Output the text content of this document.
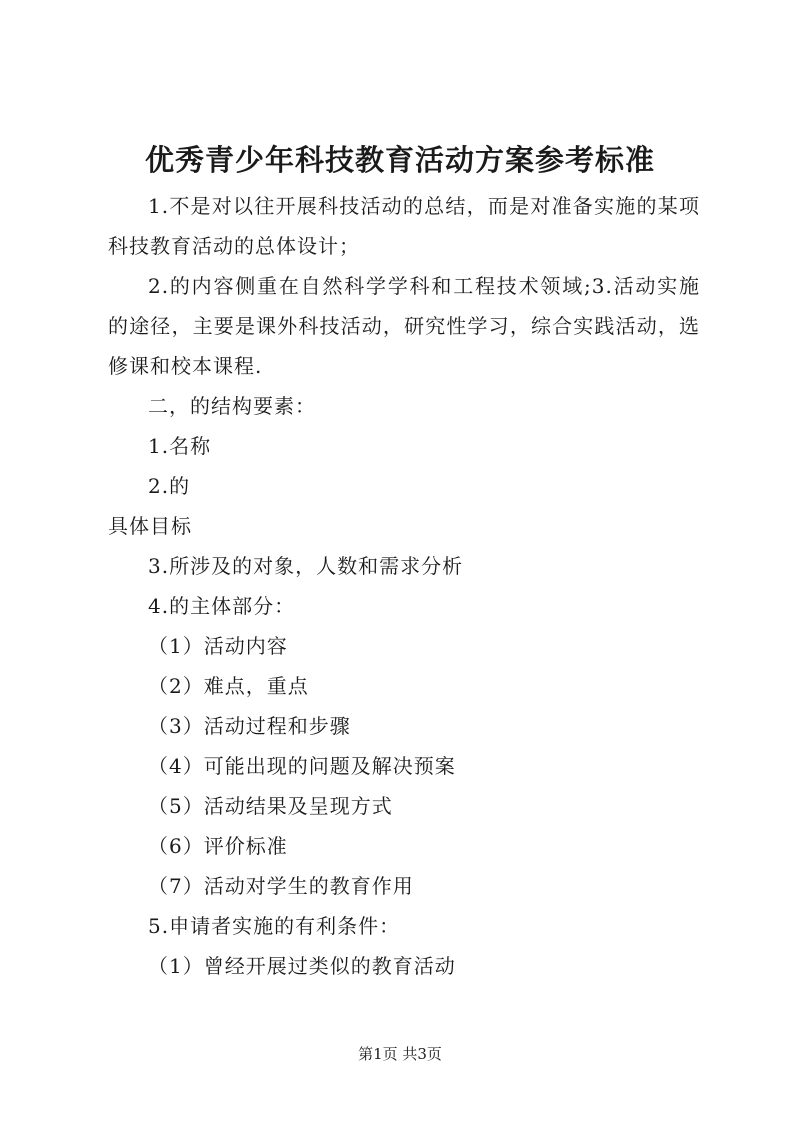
优秀青少年科技教育活动方案参考标准

1.不是对以往开展科技活动的总结，而是对准备实施的某项科技教育活动的总体设计；

2.的内容侧重在自然科学学科和工程技术领域;3.活动实施的途径，主要是课外科技活动，研究性学习，综合实践活动，选修课和校本课程.

二，的结构要素：

1.名称

2.的

具体目标

3.所涉及的对象，人数和需求分析

4.的主体部分：

（1）活动内容

（2）难点，重点

（3）活动过程和步骤

（4）可能出现的问题及解决预案

（5）活动结果及呈现方式

（6）评价标准

（7）活动对学生的教育作用

5.申请者实施的有利条件：

（1）曾经开展过类似的教育活动

第1页 共3页
